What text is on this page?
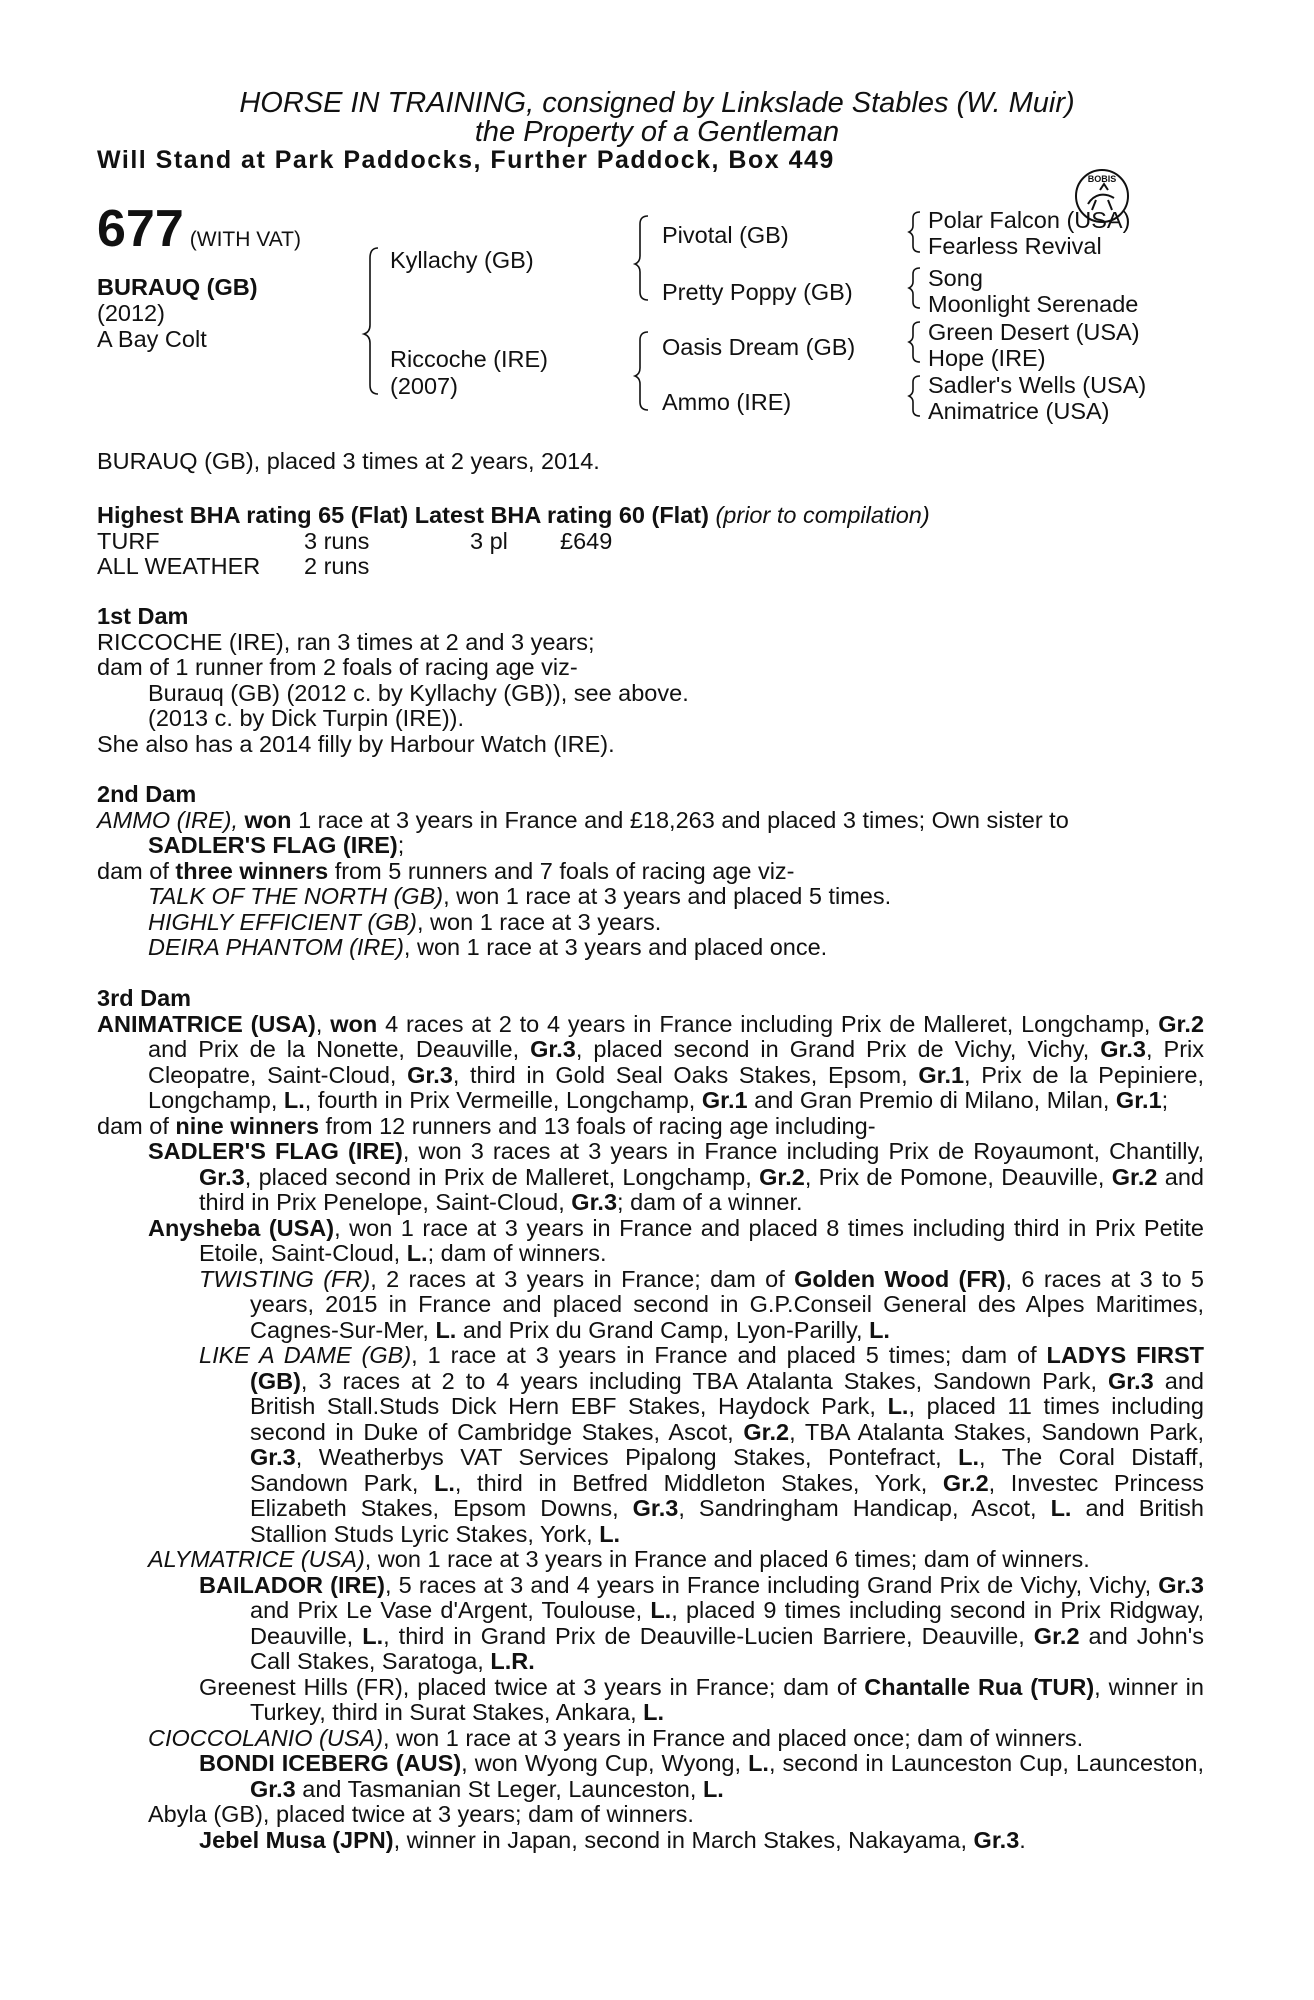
HORSE IN TRAINING, consigned by Linkslade Stables (W. Muir)
the Property of a Gentleman
Will Stand at Park Paddocks, Further Paddock, Box 449
BOBIS
677 (WITH VAT)
BURAUQ (GB)
(2012)
A Bay Colt
Kyllachy (GB)
Riccoche (IRE)
(2007)
Pivotal (GB)
Pretty Poppy (GB)
Oasis Dream (GB)
Ammo (IRE)
Polar Falcon (USA)
Fearless Revival
Song
Moonlight Serenade
Green Desert (USA)
Hope (IRE)
Sadler's Wells (USA)
Animatrice (USA)
BURAUQ (GB), placed 3 times at 2 years, 2014.
Highest BHA rating 65 (Flat) Latest BHA rating 60 (Flat) (prior to compilation)
TURF	3 runs	3 pl £649
ALL WEATHER 2 runs
1st Dam
RICCOCHE (IRE), ran 3 times at 2 and 3 years;
dam of 1 runner from 2 foals of racing age viz-
Burauq (GB) (2012 c. by Kyllachy (GB)), see above.
(2013 c. by Dick Turpin (IRE)).
She also has a 2014 filly by Harbour Watch (IRE).
2nd Dam
AMMO (IRE), won 1 race at 3 years in France and £18,263 and placed 3 times; Own sister to
SADLER'S FLAG (IRE);
dam of three winners from 5 runners and 7 foals of racing age viz-
TALK OF THE NORTH (GB), won 1 race at 3 years and placed 5 times.
HIGHLY EFFICIENT (GB), won 1 race at 3 years.
DEIRA PHANTOM (IRE), won 1 race at 3 years and placed once.
3rd Dam
ANIMATRICE (USA), won 4 races at 2 to 4 years in France including Prix de Malleret, Longchamp, Gr.2 and Prix de la Nonette, Deauville, Gr.3, placed second in Grand Prix de Vichy, Vichy, Gr.3, Prix Cleopatre, Saint-Cloud, Gr.3, third in Gold Seal Oaks Stakes, Epsom, Gr.1, Prix de la Pepiniere, Longchamp, L., fourth in Prix Vermeille, Longchamp, Gr.1 and Gran Premio di Milano, Milan, Gr.1;
dam of nine winners from 12 runners and 13 foals of racing age including-
SADLER'S FLAG (IRE), won 3 races at 3 years in France including Prix de Royaumont, Chantilly, Gr.3, placed second in Prix de Malleret, Longchamp, Gr.2, Prix de Pomone, Deauville, Gr.2 and third in Prix Penelope, Saint-Cloud, Gr.3; dam of a winner.
Anysheba (USA), won 1 race at 3 years in France and placed 8 times including third in Prix Petite Etoile, Saint-Cloud, L.; dam of winners.
TWISTING (FR), 2 races at 3 years in France; dam of Golden Wood (FR), 6 races at 3 to 5 years, 2015 in France and placed second in G.P.Conseil General des Alpes Maritimes, Cagnes-Sur-Mer, L. and Prix du Grand Camp, Lyon-Parilly, L.
LIKE A DAME (GB), 1 race at 3 years in France and placed 5 times; dam of LADYS FIRST (GB), 3 races at 2 to 4 years including TBA Atalanta Stakes, Sandown Park, Gr.3 and British Stall.Studs Dick Hern EBF Stakes, Haydock Park, L., placed 11 times including second in Duke of Cambridge Stakes, Ascot, Gr.2, TBA Atalanta Stakes, Sandown Park, Gr.3, Weatherbys VAT Services Pipalong Stakes, Pontefract, L., The Coral Distaff, Sandown Park, L., third in Betfred Middleton Stakes, York, Gr.2, Investec Princess Elizabeth Stakes, Epsom Downs, Gr.3, Sandringham Handicap, Ascot, L. and British Stallion Studs Lyric Stakes, York, L.
ALYMATRICE (USA), won 1 race at 3 years in France and placed 6 times; dam of winners.
BAILADOR (IRE), 5 races at 3 and 4 years in France including Grand Prix de Vichy, Vichy, Gr.3 and Prix Le Vase d'Argent, Toulouse, L., placed 9 times including second in Prix Ridgway, Deauville, L., third in Grand Prix de Deauville-Lucien Barriere, Deauville, Gr.2 and John's Call Stakes, Saratoga, L.R.
Greenest Hills (FR), placed twice at 3 years in France; dam of Chantalle Rua (TUR), winner in Turkey, third in Surat Stakes, Ankara, L.
CIOCCOLANIO (USA), won 1 race at 3 years in France and placed once; dam of winners.
BONDI ICEBERG (AUS), won Wyong Cup, Wyong, L., second in Launceston Cup, Launceston, Gr.3 and Tasmanian St Leger, Launceston, L.
Abyla (GB), placed twice at 3 years; dam of winners.
Jebel Musa (JPN), winner in Japan, second in March Stakes, Nakayama, Gr.3.
